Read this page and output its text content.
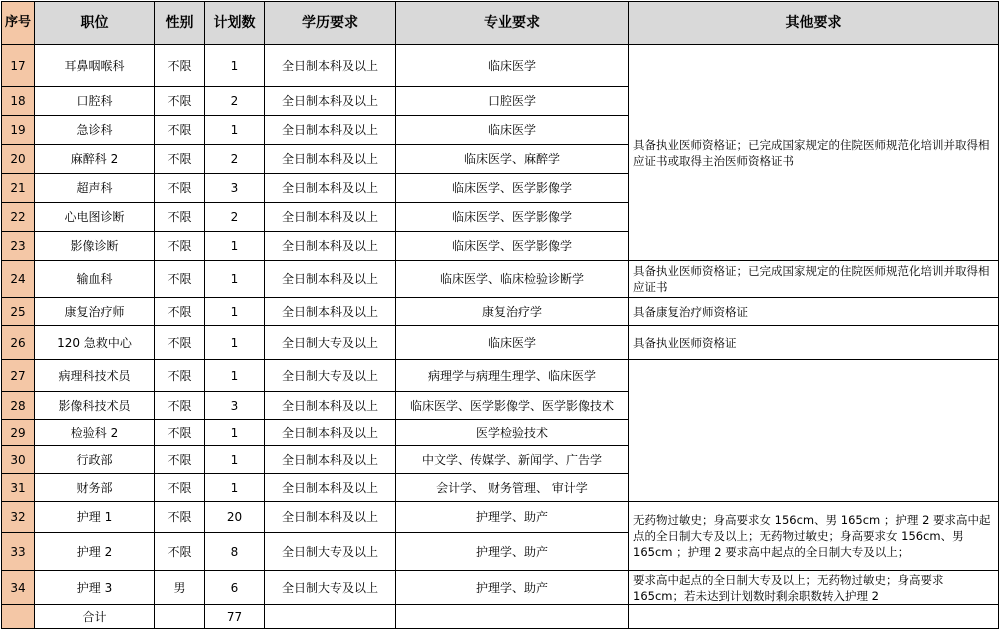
序号	职位	性别	计划数	学历要求	专业要求	其他要求
17	耳鼻咽喉科	不限	1	全日制本科及以上	临床医学	具备执业医师资格证；已完成国家规定的住院医师规范化培训并取得相应证书或取得主治医师资格证书
18	口腔科	不限	2	全日制本科及以上	口腔医学	
19	急诊科	不限	1	全日制本科及以上	临床医学	
20	麻醉科 2	不限	2	全日制本科及以上	临床医学、麻醉学	
21	超声科	不限	3	全日制本科及以上	临床医学、医学影像学	
22	心电图诊断	不限	2	全日制本科及以上	临床医学、医学影像学	
23	影像诊断	不限	1	全日制本科及以上	临床医学、医学影像学	
24	输血科	不限	1	全日制本科及以上	临床医学、临床检验诊断学	具备执业医师资格证；已完成国家规定的住院医师规范化培训并取得相应证书
25	康复治疗师	不限	1	全日制本科及以上	康复治疗学	具备康复治疗师资格证
26	120 急救中心	不限	1	全日制大专及以上	临床医学	具备执业医师资格证
27	病理科技术员	不限	1	全日制大专及以上	病理学与病理生理学、临床医学	
28	影像科技术员	不限	3	全日制本科及以上	临床医学、医学影像学、医学影像技术	
29	检验科 2	不限	1	全日制本科及以上	医学检验技术	
30	行政部	不限	1	全日制本科及以上	中文学、传媒学、新闻学、广告学	
31	财务部	不限	1	全日制本科及以上	会计学、 财务管理、 审计学	
32	护理 1	不限	20	全日制本科及以上	护理学、助产	无药物过敏史；身高要求女 156cm、男 165cm ；护理 2 要求高中起点的全日制大专及以上；无药物过敏史；身高要求女 156cm、男 165cm ；护理 2 要求高中起点的全日制大专及以上；
33	护理 2	不限	8	全日制大专及以上	护理学、助产	
34	护理 3	男	6	全日制大专及以上	护理学、助产	要求高中起点的全日制大专及以上；无药物过敏史；身高要求 165cm；若未达到计划数时剩余职数转入护理 2
	合计		77			
